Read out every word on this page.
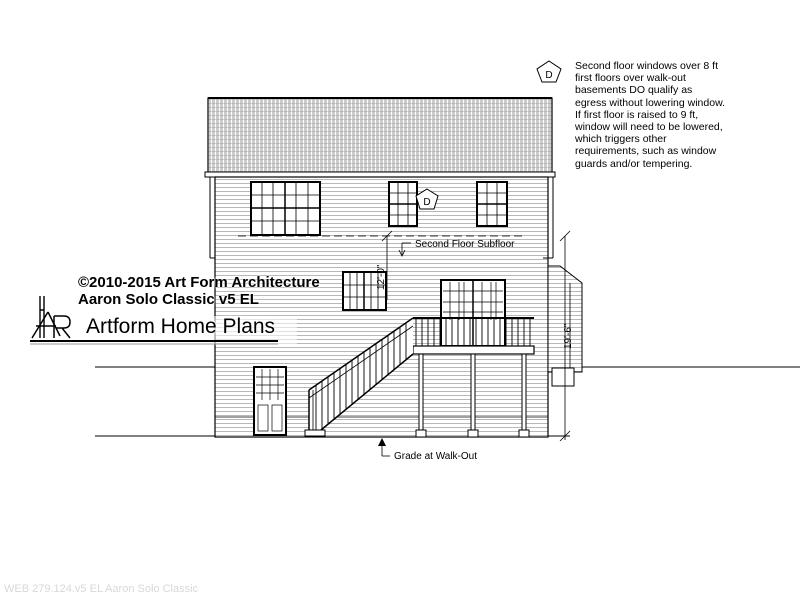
D
Second Floor Subfloor
12'-0"
19'-6"
Grade at Walk-Out
D
Second floor windows over 8 ft
first floors over walk-out
basements DO qualify as
egress without lowering window.
If first floor is raised to 9 ft,
window will need to be lowered,
which triggers other
requirements, such as window
guards and/or tempering.
©2010-2015 Art Form Architecture
Aaron Solo Classic v5 EL
Artform Home Plans
WEB 279.124.v5 EL Aaron Solo Classic
